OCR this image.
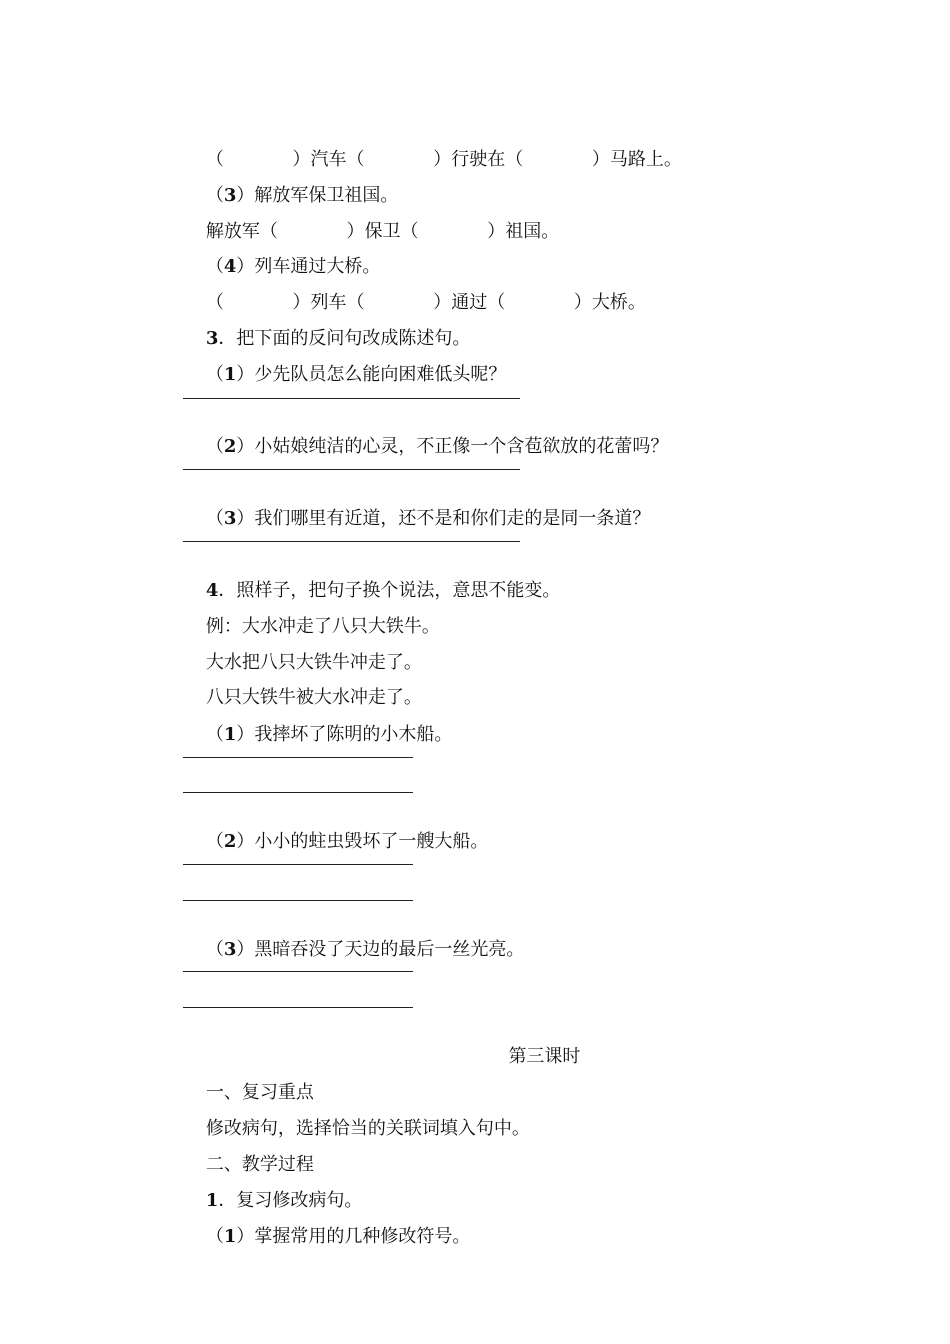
（            ）汽车（            ）行驶在（            ）马路上。

（3）解放军保卫祖国。

解放军（            ）保卫（            ）祖国。

（4）列车通过大桥。

（            ）列车（            ）通过（            ）大桥。

3．把下面的反问句改成陈述句。

（1）少先队员怎么能向困难低头呢？

（2）小姑娘纯洁的心灵，不正像一个含苞欲放的花蕾吗？

（3）我们哪里有近道，还不是和你们走的是同一条道？

4．照样子，把句子换个说法，意思不能变。

例：大水冲走了八只大铁牛。

大水把八只大铁牛冲走了。

八只大铁牛被大水冲走了。

（1）我摔坏了陈明的小木船。

（2）小小的蛀虫毁坏了一艘大船。

（3）黑暗吞没了天边的最后一丝光亮。

第三课时

一、复习重点

修改病句，选择恰当的关联词填入句中。

二、教学过程

1．复习修改病句。

（1）掌握常用的几种修改符号。
